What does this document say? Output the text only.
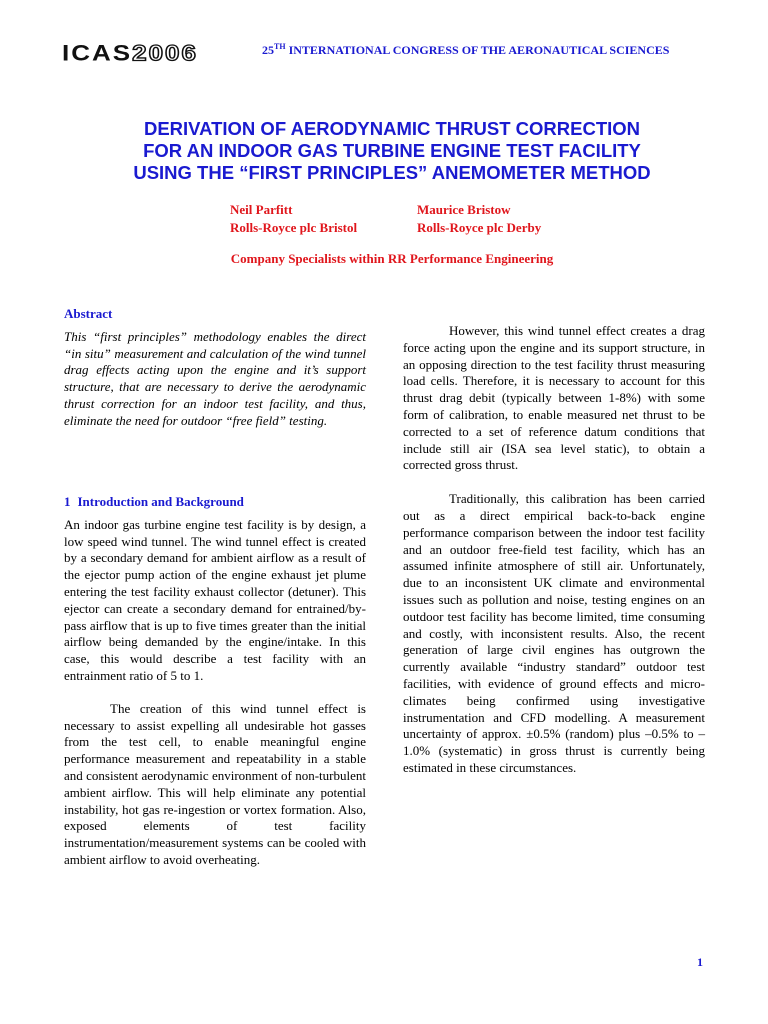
ICAS2006	25TH INTERNATIONAL CONGRESS OF THE AERONAUTICAL SCIENCES
DERIVATION OF AERODYNAMIC THRUST CORRECTION
FOR AN INDOOR GAS TURBINE ENGINE TEST FACILITY
USING THE “FIRST PRINCIPLES” ANEMOMETER METHOD
Neil Parfitt
Rolls-Royce plc Bristol
Maurice Bristow
Rolls-Royce plc Derby
Company Specialists within RR Performance Engineering
Abstract

This “first principles” methodology enables the direct “in situ” measurement and calculation of the wind tunnel drag effects acting upon the engine and it’s support structure, that are necessary to derive the aerodynamic thrust correction for an indoor test facility, and thus, eliminate the need for outdoor “free field” testing.

1 Introduction and Background

An indoor gas turbine engine test facility is by design, a low speed wind tunnel. The wind tunnel effect is created by a secondary demand for ambient airflow as a result of the ejector pump action of the engine exhaust jet plume entering the test facility exhaust collector (detuner). This ejector can create a secondary demand for entrained/by-pass airflow that is up to five times greater than the initial airflow being demanded by the engine/intake. In this case, this would describe a test facility with an entrainment ratio of 5 to 1.

The creation of this wind tunnel effect is necessary to assist expelling all undesirable hot gasses from the test cell, to enable meaningful engine performance measurement and repeatability in a stable and consistent aerodynamic environment of non-turbulent ambient airflow. This will help eliminate any potential instability, hot gas re-ingestion or vortex formation. Also, exposed elements of test facility instrumentation/measurement systems can be cooled with ambient airflow to avoid overheating.

However, this wind tunnel effect creates a drag force acting upon the engine and its support structure, in an opposing direction to the test facility thrust measuring load cells. Therefore, it is necessary to account for this thrust drag debit (typically between 1-8%) with some form of calibration, to enable measured net thrust to be corrected to a set of reference datum conditions that include still air (ISA sea level static), to obtain a corrected gross thrust.

Traditionally, this calibration has been carried out as a direct empirical back-to-back engine performance comparison between the indoor test facility and an outdoor free-field test facility, which has an assumed infinite atmosphere of still air. Unfortunately, due to an inconsistent UK climate and environmental issues such as pollution and noise, testing engines on an outdoor test facility has become limited, time consuming and costly, with inconsistent results. Also, the recent generation of large civil engines has outgrown the currently available “industry standard” outdoor test facilities, with evidence of ground effects and micro-climates being confirmed using investigative instrumentation and CFD modelling. A measurement uncertainty of approx. ±0.5% (random) plus –0.5% to –1.0% (systematic) in gross thrust is currently being estimated in these circumstances.

1
